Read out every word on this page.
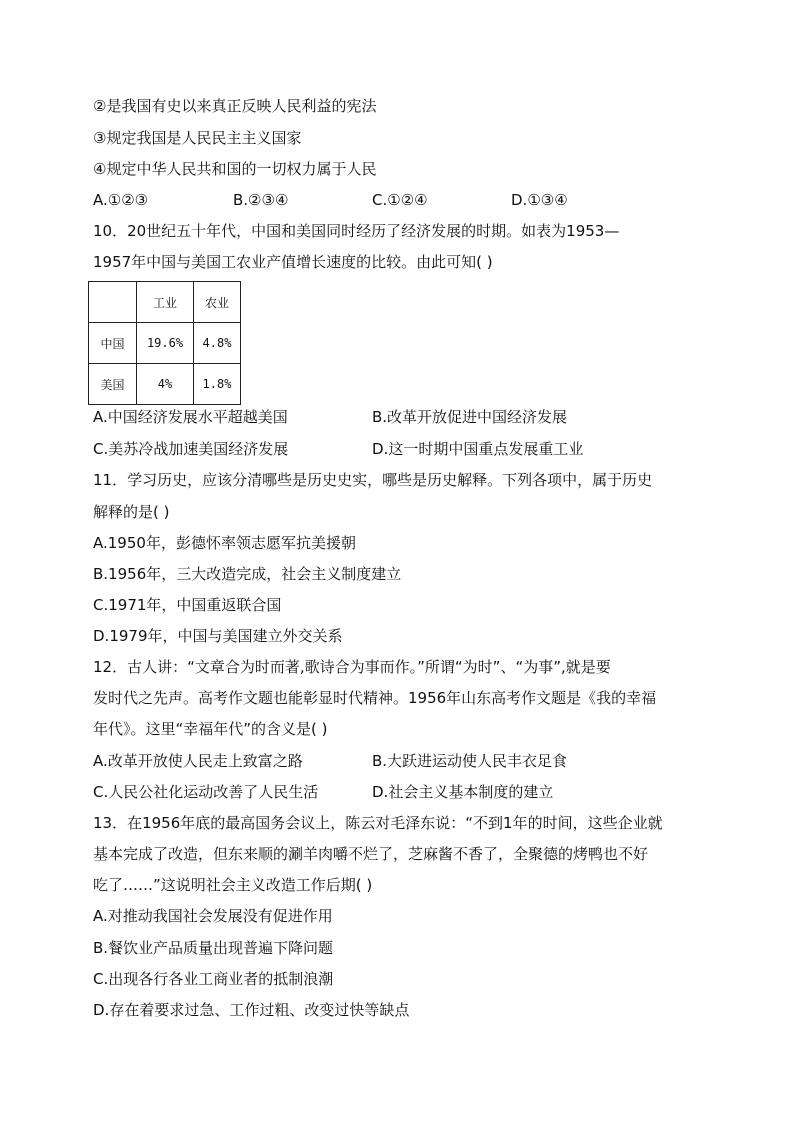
②是我国有史以来真正反映人民利益的宪法
③规定我国是人民民主主义国家
④规定中华人民共和国的一切权力属于人民
A.①②③	B.②③④	C.①②④	D.①③④
10．20世纪五十年代，中国和美国同时经历了经济发展的时期。如表为1953—
1957年中国与美国工农业产值增长速度的比较。由此可知( )
	工业	农业
中国	19.6%	4.8%
美国	4%	1.8%
A.中国经济发展水平超越美国	B.改革开放促进中国经济发展
C.美苏冷战加速美国经济发展	D.这一时期中国重点发展重工业
11．学习历史，应该分清哪些是历史史实，哪些是历史解释。下列各项中，属于历史
解释的是( )
A.1950年，彭德怀率领志愿军抗美援朝
B.1956年，三大改造完成，社会主义制度建立
C.1971年，中国重返联合国
D.1979年，中国与美国建立外交关系
12．古人讲：“文章合为时而著,歌诗合为事而作。”所谓“为时”、“为事”,就是要
发时代之先声。高考作文题也能彰显时代精神。1956年山东高考作文题是《我的幸福
年代》。这里“幸福年代”的含义是( )
A.改革开放使人民走上致富之路	B.大跃进运动使人民丰衣足食
C.人民公社化运动改善了人民生活	D.社会主义基本制度的建立
13．在1956年底的最高国务会议上，陈云对毛泽东说：“不到1年的时间，这些企业就
基本完成了改造，但东来顺的涮羊肉嚼不烂了，芝麻酱不香了，全聚德的烤鸭也不好
吃了……”这说明社会主义改造工作后期( )
A.对推动我国社会发展没有促进作用
B.餐饮业产品质量出现普遍下降问题
C.出现各行各业工商业者的抵制浪潮
D.存在着要求过急、工作过粗、改变过快等缺点
